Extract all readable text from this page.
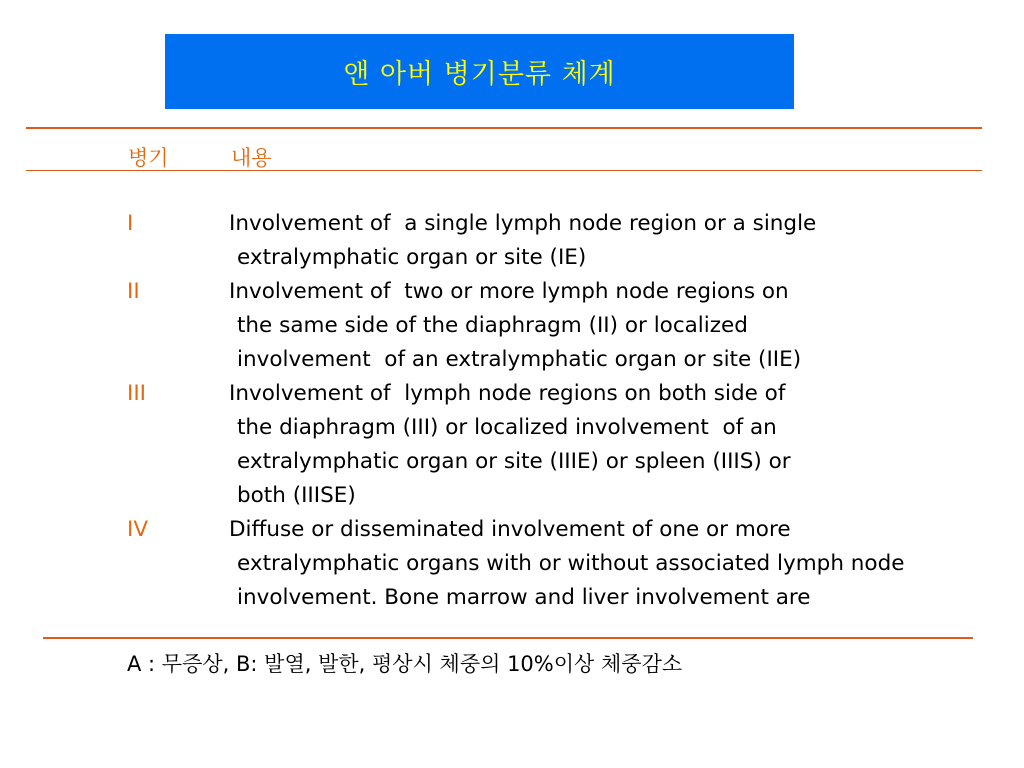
앤 아버 병기분류 체계
병기	내용
I	Involvement of  a single lymph node region or a single
extralymphatic organ or site (IE)
II	Involvement of  two or more lymph node regions on
the same side of the diaphragm (II) or localized
involvement  of an extralymphatic organ or site (IIE)
III	Involvement of  lymph node regions on both side of
the diaphragm (III) or localized involvement  of an
extralymphatic organ or site (IIIE) or spleen (IIIS) or
both (IIISE)
IV	Diffuse or disseminated involvement of one or more
extralymphatic organs with or without associated lymph node
involvement. Bone marrow and liver involvement are
A : 무증상, B: 발열, 발한, 평상시 체중의 10%이상 체중감소
